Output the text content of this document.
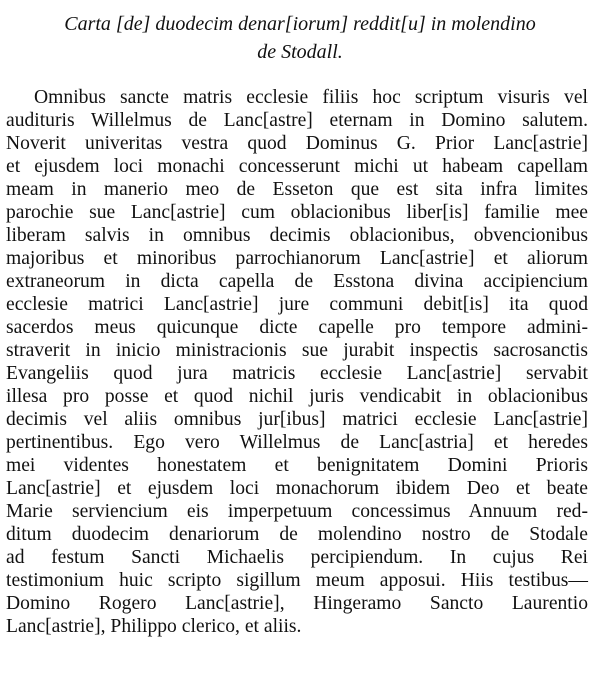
Carta [de] duodecim denar[iorum] reddit[u] in molendino
de Stodall.
Omnibus sancte matris ecclesie filiis hoc scriptum visuris vel
audituris Willelmus de Lanc[astre] eternam in Domino salutem.
Noverit univeritas vestra quod Dominus G. Prior Lanc[astrie]
et ejusdem loci monachi concesserunt michi ut habeam capellam
meam in manerio meo de Esseton que est sita infra limites
parochie sue Lanc[astrie] cum oblacionibus liber[is] familie mee
liberam salvis in omnibus decimis oblacionibus, obvencionibus
majoribus et minoribus parrochianorum Lanc[astrie] et aliorum
extraneorum in dicta capella de Esstona divina accipiencium
ecclesie matrici Lanc[astrie] jure communi debit[is] ita quod
sacerdos meus quicunque dicte capelle pro tempore admini-
straverit in inicio ministracionis sue jurabit inspectis sacrosanctis
Evangeliis quod jura matricis ecclesie Lanc[astrie] servabit
illesa pro posse et quod nichil juris vendicabit in oblacionibus
decimis vel aliis omnibus jur[ibus] matrici ecclesie Lanc[astrie]
pertinentibus. Ego vero Willelmus de Lanc[astria] et heredes
mei videntes honestatem et benignitatem Domini Prioris
Lanc[astrie] et ejusdem loci monachorum ibidem Deo et beate
Marie serviencium eis imperpetuum concessimus Annuum red-
ditum duodecim denariorum de molendino nostro de Stodale
ad festum Sancti Michaelis percipiendum. In cujus Rei
testimonium huic scripto sigillum meum apposui. Hiis testibus—
Domino Rogero Lanc[astrie], Hingeramo Sancto Laurentio
Lanc[astrie], Philippo clerico, et aliis.
